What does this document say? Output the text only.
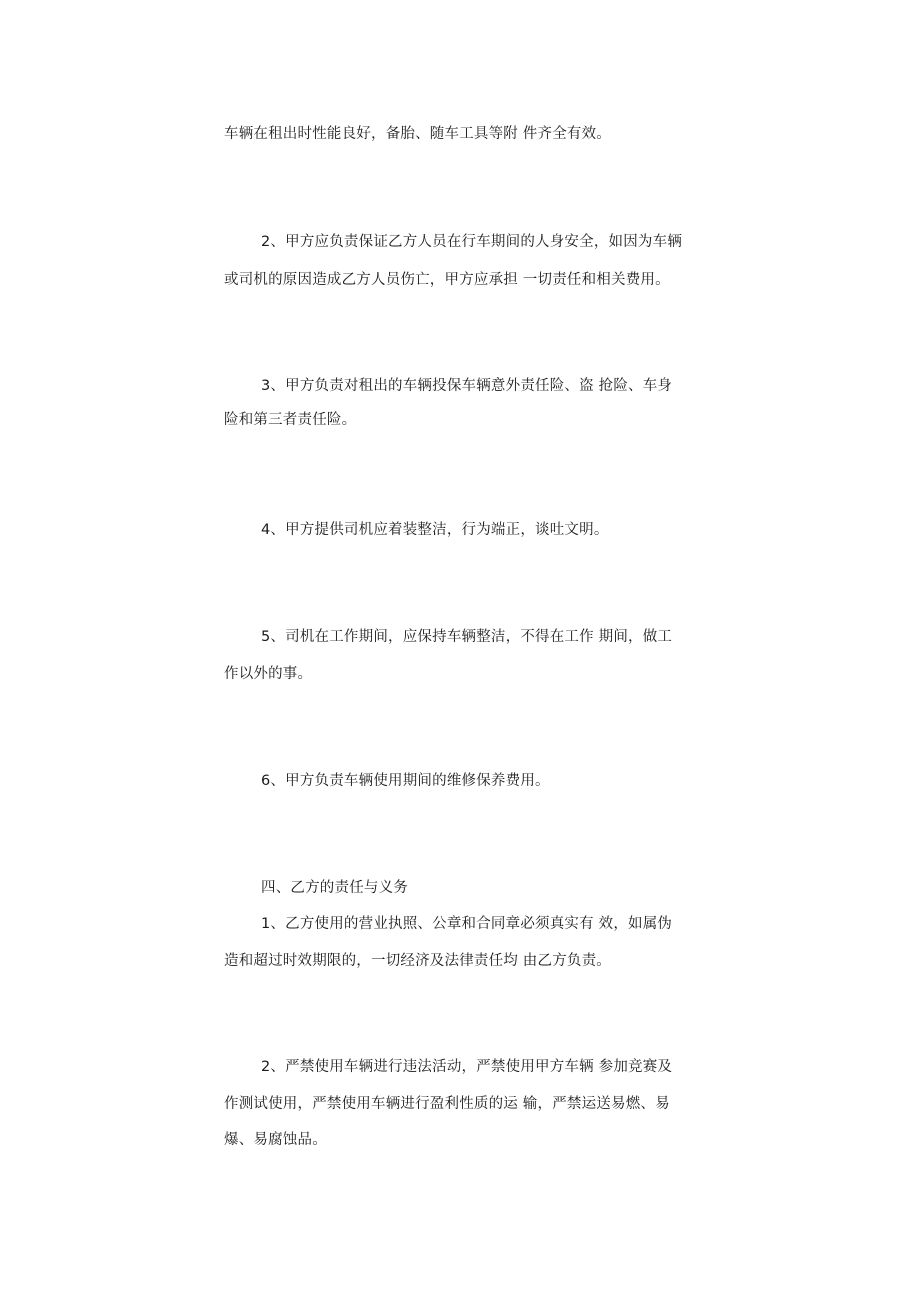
车辆在租出时性能良好，备胎、随车工具等附 件齐全有效。
2、甲方应负责保证乙方人员在行车期间的人身安全，如因为车辆
或司机的原因造成乙方人员伤亡，甲方应承担 一切责任和相关费用。
3、甲方负责对租出的车辆投保车辆意外责任险、盗 抢险、车身
险和第三者责任险。
4、甲方提供司机应着装整洁，行为端正，谈吐文明。
5、司机在工作期间，应保持车辆整洁，不得在工作 期间，做工
作以外的事。
6、甲方负责车辆使用期间的维修保养费用。
四、乙方的责任与义务
1、乙方使用的营业执照、公章和合同章必须真实有 效，如属伪
造和超过时效期限的，一切经济及法律责任均 由乙方负责。
2、严禁使用车辆进行违法活动，严禁使用甲方车辆 参加竞赛及
作测试使用，严禁使用车辆进行盈利性质的运 输，严禁运送易燃、易
爆、易腐蚀品。
